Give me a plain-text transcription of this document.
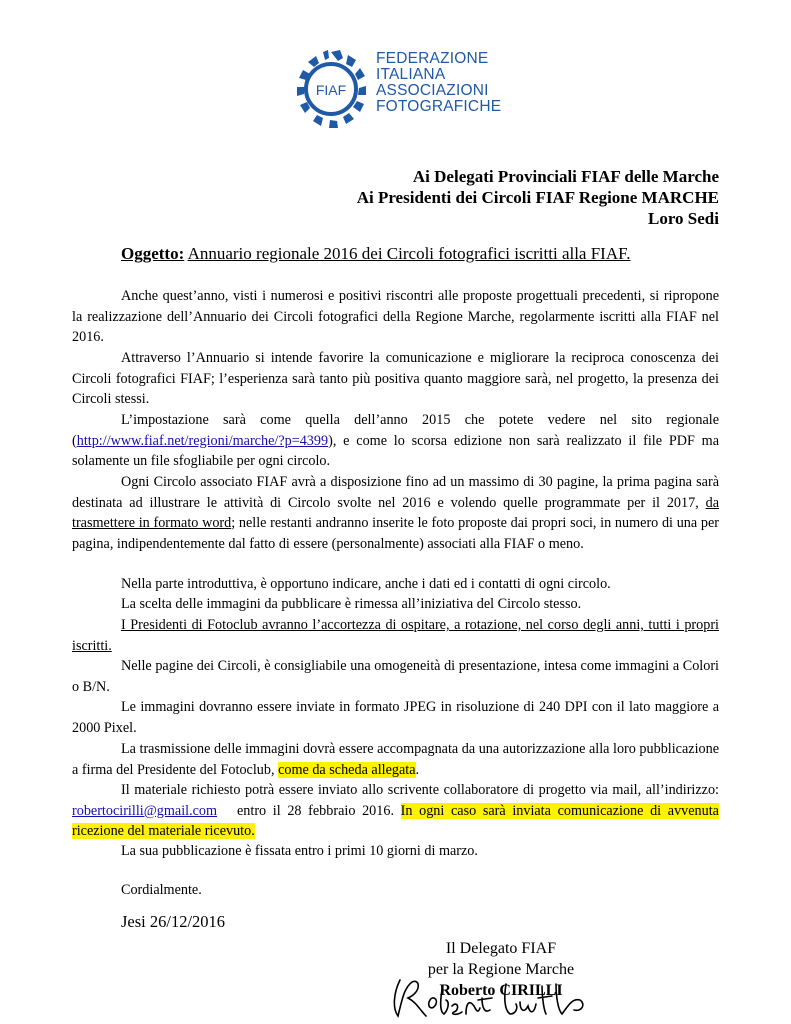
FIAF
FEDERAZIONE
ITALIANA
ASSOCIAZIONI
FOTOGRAFICHE
Ai Delegati Provinciali FIAF delle Marche
Ai Presidenti dei Circoli FIAF Regione MARCHE
Loro Sedi
Oggetto: Annuario regionale 2016 dei Circoli fotografici iscritti alla FIAF.
Anche quest’anno, visti i numerosi e positivi riscontri alle proposte progettuali precedenti, si ripropone la realizzazione dell’Annuario dei Circoli fotografici della Regione Marche, regolarmente iscritti alla FIAF nel 2016.
Attraverso l’Annuario si intende favorire la comunicazione e migliorare la reciproca conoscenza dei Circoli fotografici FIAF; l’esperienza sarà tanto più positiva quanto maggiore sarà, nel progetto, la presenza dei Circoli stessi.
L’impostazione sarà come quella dell’anno 2015 che potete vedere nel sito regionale (http://www.fiaf.net/regioni/marche/?p=4399), e come lo scorsa edizione non sarà realizzato il file PDF ma solamente un file sfogliabile per ogni circolo.
Ogni Circolo associato FIAF avrà a disposizione fino ad un massimo di 30 pagine, la prima pagina sarà destinata ad illustrare le attività di Circolo svolte nel 2016 e volendo quelle programmate per il 2017, da trasmettere in formato word; nelle restanti andranno inserite le foto proposte dai propri soci, in numero di una per pagina, indipendentemente dal fatto di essere (personalmente) associati alla FIAF o meno.
Nella parte introduttiva, è opportuno indicare, anche i dati ed i contatti di ogni circolo.
La scelta delle immagini da pubblicare è rimessa all’iniziativa del Circolo stesso.
I Presidenti di Fotoclub avranno l’accortezza di ospitare, a rotazione, nel corso degli anni, tutti i propri iscritti.
Nelle pagine dei Circoli, è consigliabile una omogeneità di presentazione, intesa come immagini a Colori o B/N.
Le immagini dovranno essere inviate in formato JPEG in risoluzione di 240 DPI con il lato maggiore a 2000 Pixel.
La trasmissione delle immagini dovrà essere accompagnata da una autorizzazione alla loro pubblicazione a firma del Presidente del Fotoclub, come da scheda allegata.
Il materiale richiesto potrà essere inviato allo scrivente collaboratore di progetto via mail, all’indirizzo: robertocirilli@gmail.com   entro il 28 febbraio 2016. In ogni caso sarà inviata comunicazione di avvenuta ricezione del materiale ricevuto.
La sua pubblicazione è fissata entro i primi 10 giorni di marzo.
Cordialmente.
Jesi 26/12/2016
Il Delegato FIAF
per la Regione Marche
Roberto CIRILLI
